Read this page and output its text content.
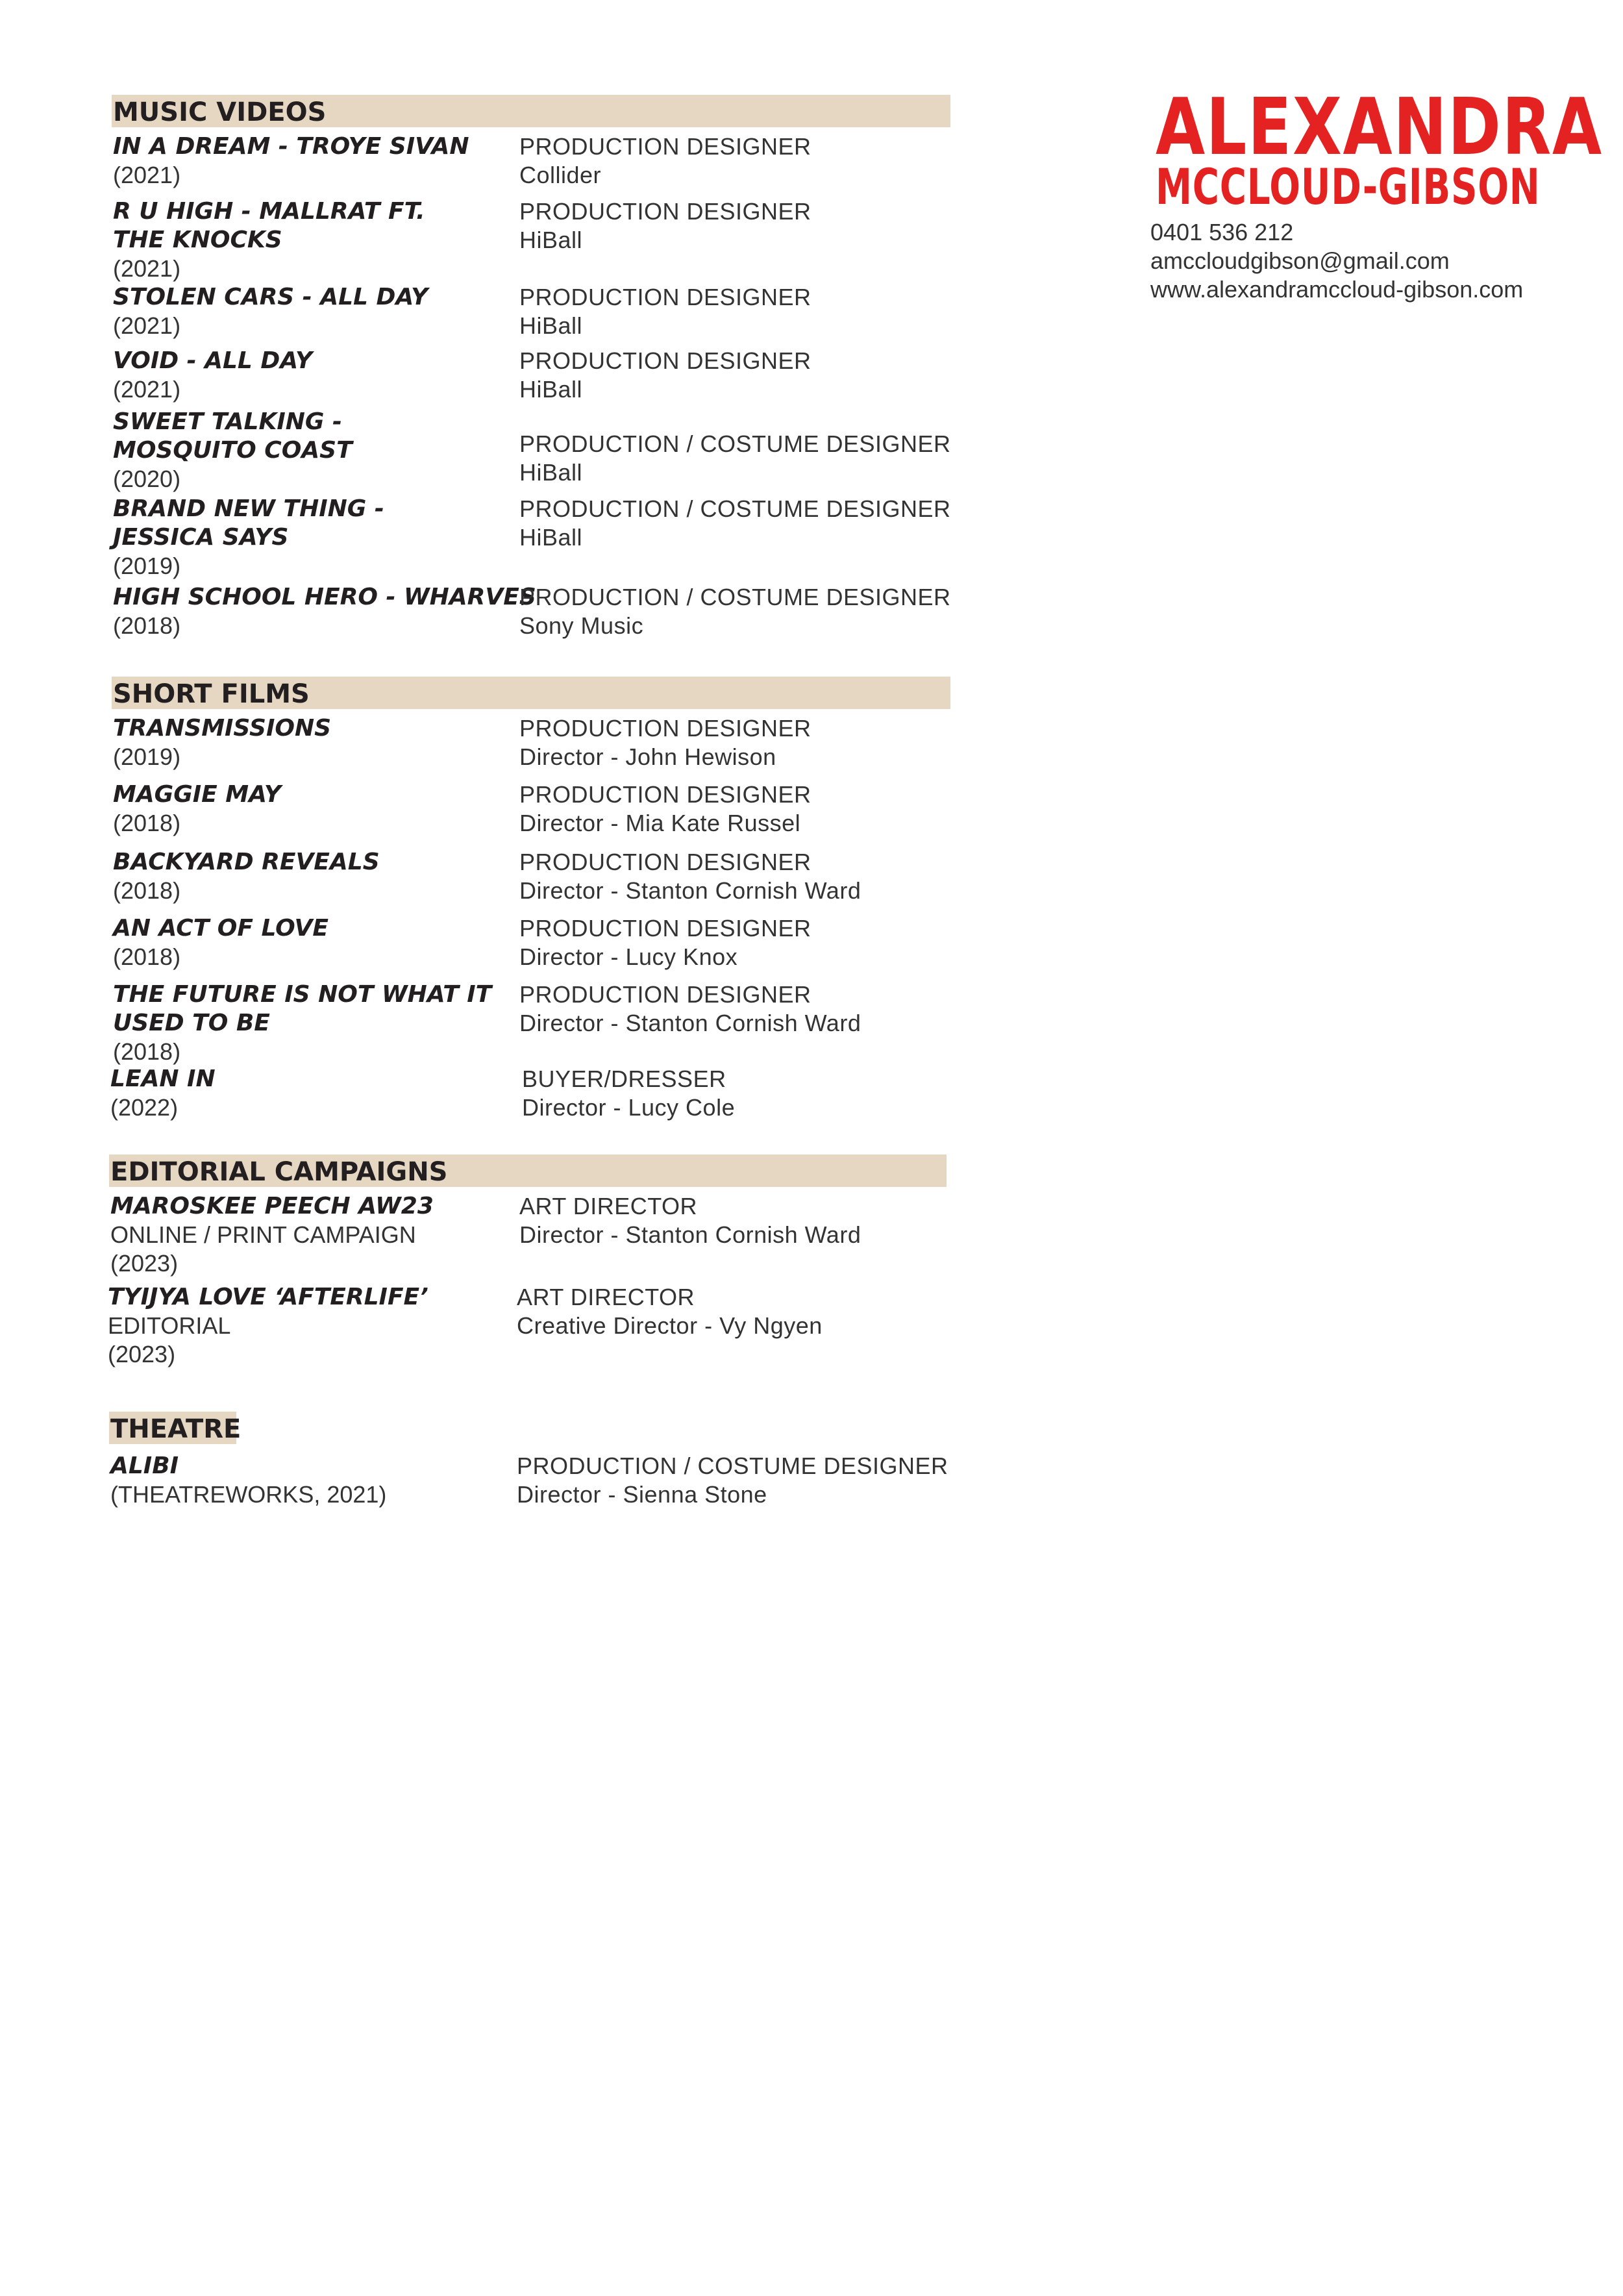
ALEXANDRA
MCCLOUD-GIBSON
0401 536 212
amccloudgibson@gmail.com
www.alexandramccloud-gibson.com
MUSIC VIDEOS
IN A DREAM - TROYE SIVAN
(2021)
PRODUCTION DESIGNER
Collider
R U HIGH - MALLRAT FT.
THE KNOCKS
(2021)
PRODUCTION DESIGNER
HiBall
STOLEN CARS - ALL DAY
(2021)
PRODUCTION DESIGNER
HiBall
VOID - ALL DAY
(2021)
PRODUCTION DESIGNER
HiBall
SWEET TALKING -
MOSQUITO COAST
(2020)
PRODUCTION / COSTUME DESIGNER
HiBall
BRAND NEW THING -
JESSICA SAYS
(2019)
PRODUCTION / COSTUME DESIGNER
HiBall
HIGH SCHOOL HERO - WHARVES
(2018)
PRODUCTION / COSTUME DESIGNER
Sony Music
SHORT FILMS
TRANSMISSIONS
(2019)
PRODUCTION DESIGNER
Director - John Hewison
MAGGIE MAY
(2018)
PRODUCTION DESIGNER
Director - Mia Kate Russel
BACKYARD REVEALS
(2018)
PRODUCTION DESIGNER
Director - Stanton Cornish Ward
AN ACT OF LOVE
(2018)
PRODUCTION DESIGNER
Director - Lucy Knox
THE FUTURE IS NOT WHAT IT
USED TO BE
(2018)
PRODUCTION DESIGNER
Director - Stanton Cornish Ward
LEAN IN
(2022)
BUYER/DRESSER
Director - Lucy Cole
EDITORIAL CAMPAIGNS
MAROSKEE PEECH AW23
ONLINE / PRINT CAMPAIGN
(2023)
ART DIRECTOR
Director - Stanton Cornish Ward
TYIJYA LOVE ‘AFTERLIFE’
EDITORIAL
(2023)
ART DIRECTOR
Creative Director - Vy Ngyen
THEATRE
ALIBI
(THEATREWORKS, 2021)
PRODUCTION / COSTUME DESIGNER
Director - Sienna Stone
